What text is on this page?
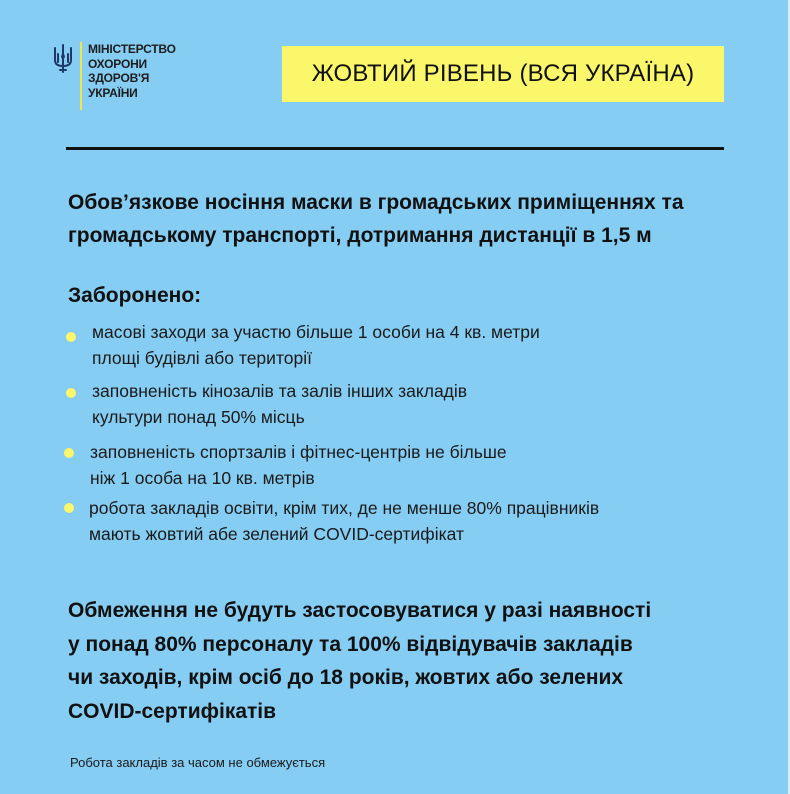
МІНІСТЕРСТВО
ОХОРОНИ
ЗДОРОВ'Я
УКРАЇНИ
ЖОВТИЙ РІВЕНЬ (ВСЯ УКРАЇНА)
Обов’язкове носіння маски в громадських приміщеннях та
громадському транспорті, дотримання дистанції в 1,5 м
Заборонено:
масові заходи за участю більше 1 особи на 4 кв. метри
площі будівлі або території
заповненість кінозалів та залів інших закладів
культури понад 50% місць
заповненість спортзалів і фітнес-центрів не більше
ніж 1 особа на 10 кв. метрів
робота закладів освіти, крім тих, де не менше 80% працівників
мають жовтий абе зелений COVID-сертифікат

Обмеження не будуть застосовуватися у разі наявності
у понад 80% персоналу та 100% відвідувачів закладів
чи заходів, крім осіб до 18 років, жовтих або зелених
COVID-сертифікатів

Робота закладів за часом не обмежується
